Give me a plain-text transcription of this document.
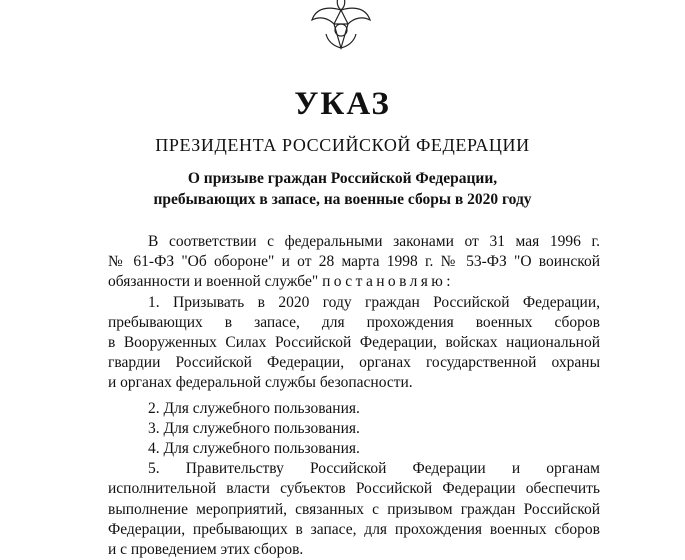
УКАЗ
ПРЕЗИДЕНТА РОССИЙСКОЙ ФЕДЕРАЦИИ
О призыве граждан Российской Федерации,
пребывающих в запасе, на военные сборы в 2020 году

В соответствии с федеральными законами от 31 мая 1996 г.

№ 61-ФЗ "Об обороне" и от 28 марта 1998 г. № 53-ФЗ "О воинской

обязанности и военной службе" постановляю:

1. Призывать в 2020 году граждан Российской Федерации,

пребывающих в запасе, для прохождения военных сборов

в Вооруженных Силах Российской Федерации, войсках национальной

гвардии Российской Федерации, органах государственной охраны

и органах федеральной службы безопасности.

2. Для служебного пользования.

3. Для служебного пользования.

4. Для служебного пользования.

5. Правительству Российской Федерации и органам

исполнительной власти субъектов Российской Федерации обеспечить

выполнение мероприятий, связанных с призывом граждан Российской

Федерации, пребывающих в запасе, для прохождения военных сборов

и с проведением этих сборов.
